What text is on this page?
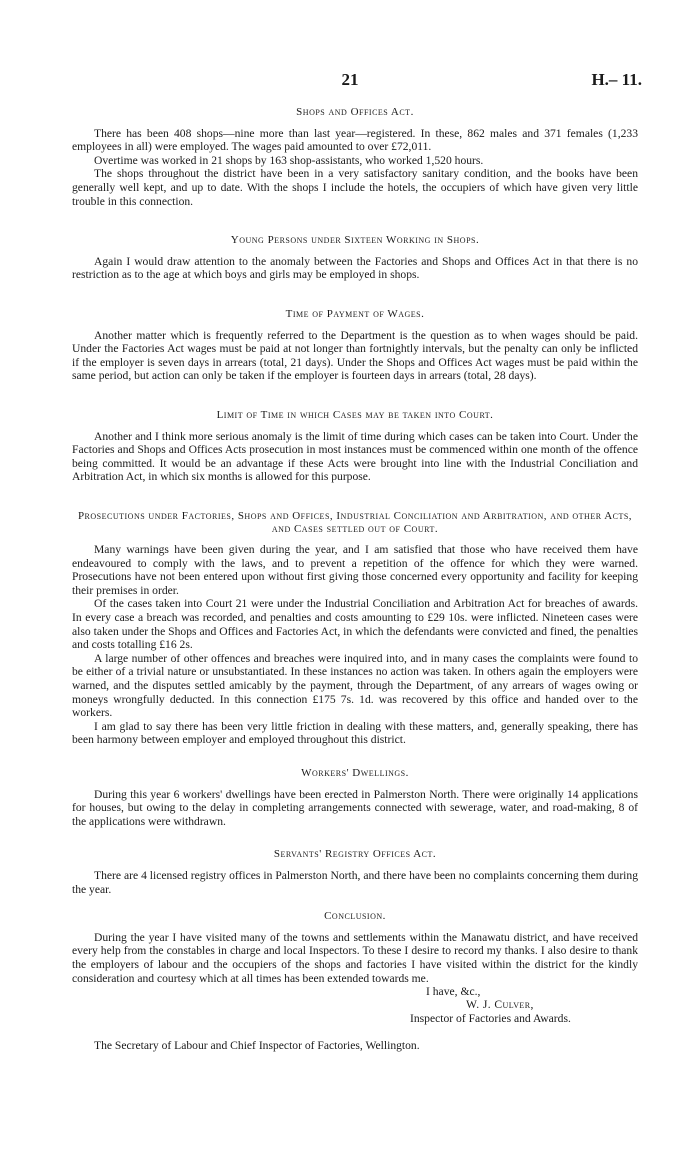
21	H.– 11.
Shops and Offices Act.

There has been 408 shops—nine more than last year—registered. In these, 862 males and 371 females (1,233 employees in all) were employed. The wages paid amounted to over £72,011.

Overtime was worked in 21 shops by 163 shop-assistants, who worked 1,520 hours.

The shops throughout the district have been in a very satisfactory sanitary condition, and the books have been generally well kept, and up to date. With the shops I include the hotels, the occupiers of which have given very little trouble in this connection.

Young Persons under Sixteen Working in Shops.

Again I would draw attention to the anomaly between the Factories and Shops and Offices Act in that there is no restriction as to the age at which boys and girls may be employed in shops.

Time of Payment of Wages.

Another matter which is frequently referred to the Department is the question as to when wages should be paid. Under the Factories Act wages must be paid at not longer than fortnightly intervals, but the penalty can only be inflicted if the employer is seven days in arrears (total, 21 days). Under the Shops and Offices Act wages must be paid within the same period, but action can only be taken if the employer is fourteen days in arrears (total, 28 days).

Limit of Time in which Cases may be taken into Court.

Another and I think more serious anomaly is the limit of time during which cases can be taken into Court. Under the Factories and Shops and Offices Acts prosecution in most instances must be commenced within one month of the offence being committed. It would be an advantage if these Acts were brought into line with the Industrial Conciliation and Arbitration Act, in which six months is allowed for this purpose.

Prosecutions under Factories, Shops and Offices, Industrial Conciliation and Arbitration, and other Acts, and Cases settled out of Court.

Many warnings have been given during the year, and I am satisfied that those who have received them have endeavoured to comply with the laws, and to prevent a repetition of the offence for which they were warned. Prosecutions have not been entered upon without first giving those concerned every opportunity and facility for keeping their premises in order.

Of the cases taken into Court 21 were under the Industrial Conciliation and Arbitration Act for breaches of awards. In every case a breach was recorded, and penalties and costs amounting to £29 10s. were inflicted. Nineteen cases were also taken under the Shops and Offices and Factories Act, in which the defendants were convicted and fined, the penalties and costs totalling £16 2s.

A large number of other offences and breaches were inquired into, and in many cases the complaints were found to be either of a trivial nature or unsubstantiated. In these instances no action was taken. In others again the employers were warned, and the disputes settled amicably by the payment, through the Department, of any arrears of wages owing or moneys wrongfully deducted. In this connection £175 7s. 1d. was recovered by this office and handed over to the workers.

I am glad to say there has been very little friction in dealing with these matters, and, generally speaking, there has been harmony between employer and employed throughout this district.

Workers' Dwellings.

During this year 6 workers' dwellings have been erected in Palmerston North. There were originally 14 applications for houses, but owing to the delay in completing arrangements connected with sewerage, water, and road-making, 8 of the applications were withdrawn.

Servants' Registry Offices Act.

There are 4 licensed registry offices in Palmerston North, and there have been no complaints concerning them during the year.

Conclusion.

During the year I have visited many of the towns and settlements within the Manawatu district, and have received every help from the constables in charge and local Inspectors. To these I desire to record my thanks. I also desire to thank the employers of labour and the occupiers of the shops and factories I have visited within the district for the kindly consideration and courtesy which at all times has been extended towards me.

I have, &c.,
W. J. Culver,
Inspector of Factories and Awards.

The Secretary of Labour and Chief Inspector of Factories, Wellington.
